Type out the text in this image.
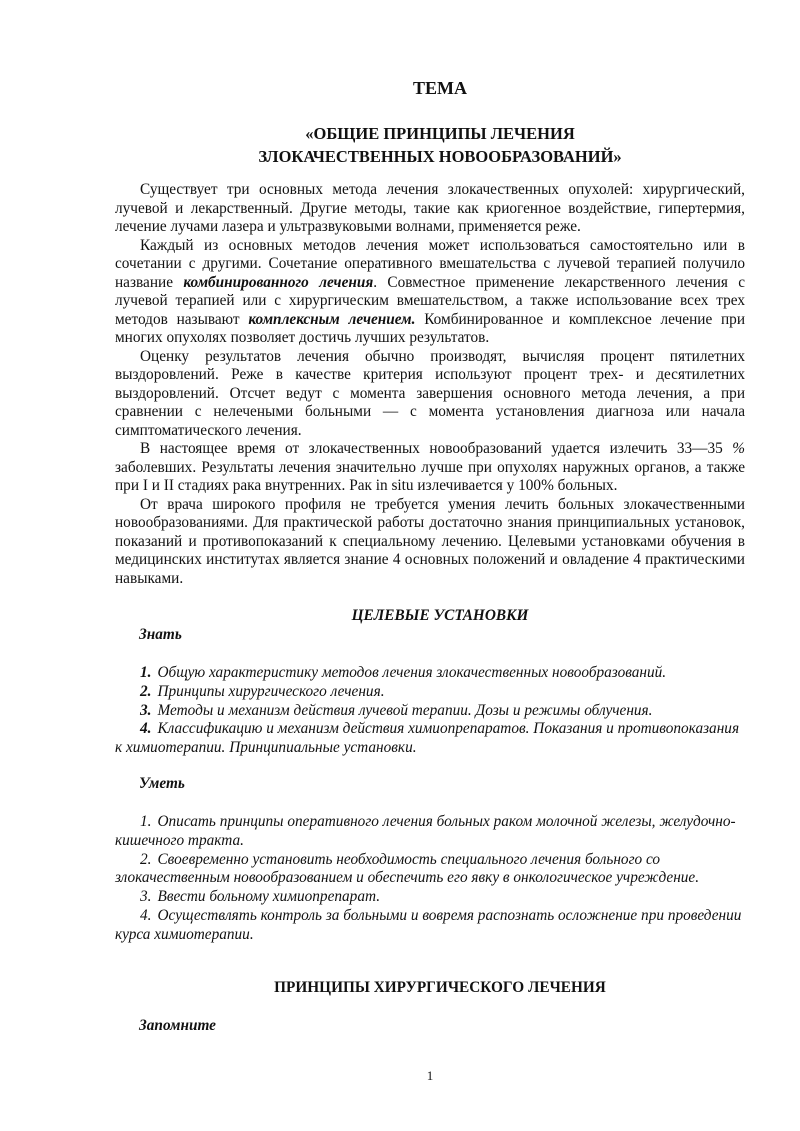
ТЕМА
«ОБЩИЕ ПРИНЦИПЫ ЛЕЧЕНИЯ
ЗЛОКАЧЕСТВЕННЫХ НОВООБРАЗОВАНИЙ»

Существует три основных метода лечения злокачественных опухолей: хирургический, лучевой и лекарственный. Другие методы, такие как криогенное воздействие, гипертермия, лечение лучами лазера и ультразвуковыми волнами, применяется реже.

Каждый из основных методов лечения может использоваться самостоятельно или в сочетании с другими. Сочетание оперативного вмешательства с лучевой терапией получило название комбинированного лечения. Совместное применение лекарственного лечения с лучевой терапией или с хирургическим вмешательством, а также использование всех трех методов называют комплексным лечением. Комбинированное и комплексное лечение при многих опухолях позволяет достичь лучших результатов.

Оценку результатов лечения обычно производят, вычисляя процент пятилетних выздоровлений. Реже в качестве критерия используют процент трех- и десятилетних выздоровлений. Отсчет ведут с момента завершения основного метода лечения, а при сравнении с нелечеными больными — с момента установления диагноза или начала симптоматического лечения.

В настоящее время от злокачественных новообразований удается излечить 33—35 % заболевших. Результаты лечения значительно лучше при опухолях наружных органов, а также при I и II стадиях рака внутренних. Рак in situ излечивается у 100% больных.

От врача широкого профиля не требуется умения лечить больных злокачественными новообразованиями. Для практической работы достаточно знания принципиальных установок, показаний и противопоказаний к специальному лечению. Целевыми установками обучения в медицинских институтах является знание 4 основных положений и овладение 4 практическими навыками.

ЦЕЛЕВЫЕ УСТАНОВКИ
Знать
1. Общую характеристику методов лечения злокачественных новообразований.
2. Принципы хирургического лечения.
3. Методы и механизм действия лучевой терапии. Дозы и режимы облучения.
4. Классификацию и механизм действия химиопрепаратов. Показания и противопоказания к химиотерапии. Принципиальные установки.
Уметь
1. Описать принципы оперативного лечения больных раком молочной железы, желудочно-кишечного тракта.
2. Своевременно установить необходимость специального лечения больного со злокачественным новообразованием и обеспечить его явку в онкологическое учреждение.
3. Ввести больному химиопрепарат.
4. Осуществлять контроль за больными и вовремя распознать осложнение при проведении курса химиотерапии.
ПРИНЦИПЫ ХИРУРГИЧЕСКОГО ЛЕЧЕНИЯ
Запомните
1
